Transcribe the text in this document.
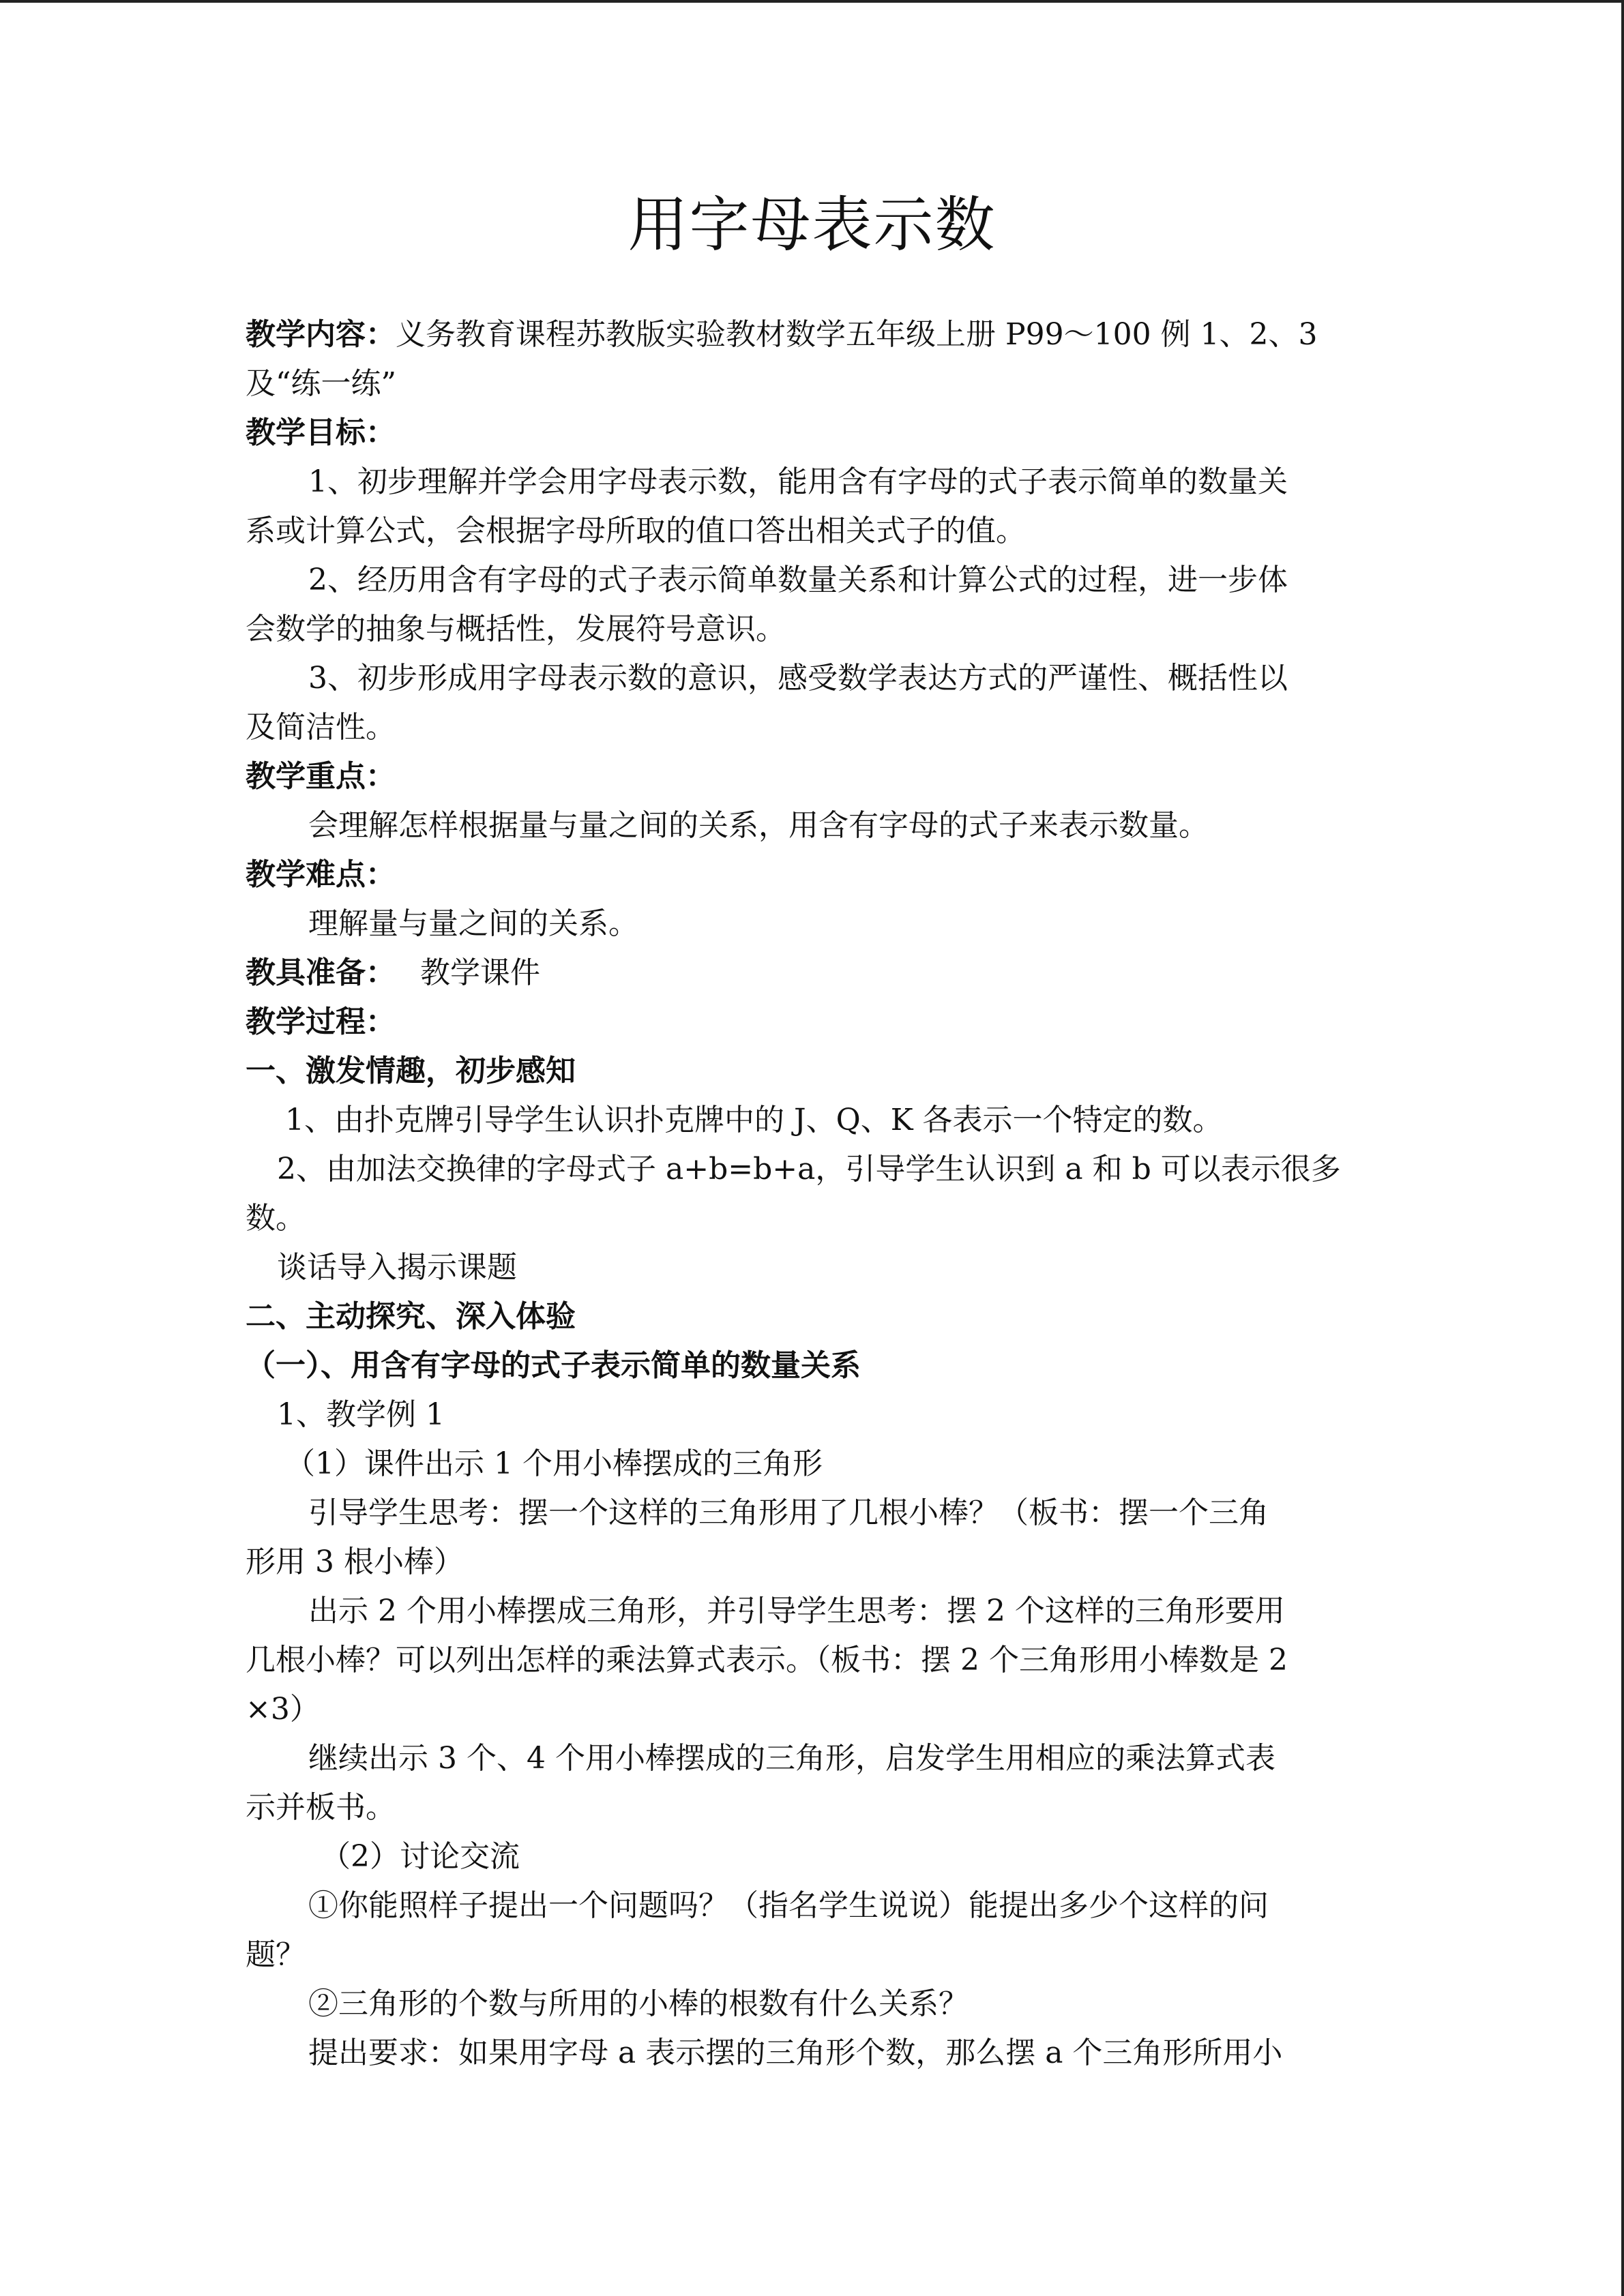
用字母表示数

教学内容：义务教育课程苏教版实验教材数学五年级上册 P99～100 例 1、2、3

及“练一练”

教学目标：

1、初步理解并学会用字母表示数，能用含有字母的式子表示简单的数量关

系或计算公式，会根据字母所取的值口答出相关式子的值。

2、经历用含有字母的式子表示简单数量关系和计算公式的过程，进一步体

会数学的抽象与概括性，发展符号意识。

3、初步形成用字母表示数的意识，感受数学表达方式的严谨性、概括性以

及简洁性。

教学重点：

会理解怎样根据量与量之间的关系，用含有字母的式子来表示数量。

教学难点：

理解量与量之间的关系。

教具准备： 教学课件

教学过程：

一、激发情趣，初步感知

1、由扑克牌引导学生认识扑克牌中的 J、Q、K 各表示一个特定的数。

2、由加法交换律的字母式子 a+b=b+a，引导学生认识到 a 和 b 可以表示很多

数。

谈话导入揭示课题

二、主动探究、深入体验

（一）、用含有字母的式子表示简单的数量关系

1、教学例 1

（1）课件出示 1 个用小棒摆成的三角形

引导学生思考：摆一个这样的三角形用了几根小棒？（板书：摆一个三角

形用 3 根小棒）

出示 2 个用小棒摆成三角形，并引导学生思考：摆 2 个这样的三角形要用

几根小棒？可以列出怎样的乘法算式表示。（板书：摆 2 个三角形用小棒数是 2

×3）

继续出示 3 个、4 个用小棒摆成的三角形，启发学生用相应的乘法算式表

示并板书。

（2）讨论交流

①你能照样子提出一个问题吗？（指名学生说说）能提出多少个这样的问

题？

②三角形的个数与所用的小棒的根数有什么关系？

提出要求：如果用字母 a 表示摆的三角形个数，那么摆 a 个三角形所用小
